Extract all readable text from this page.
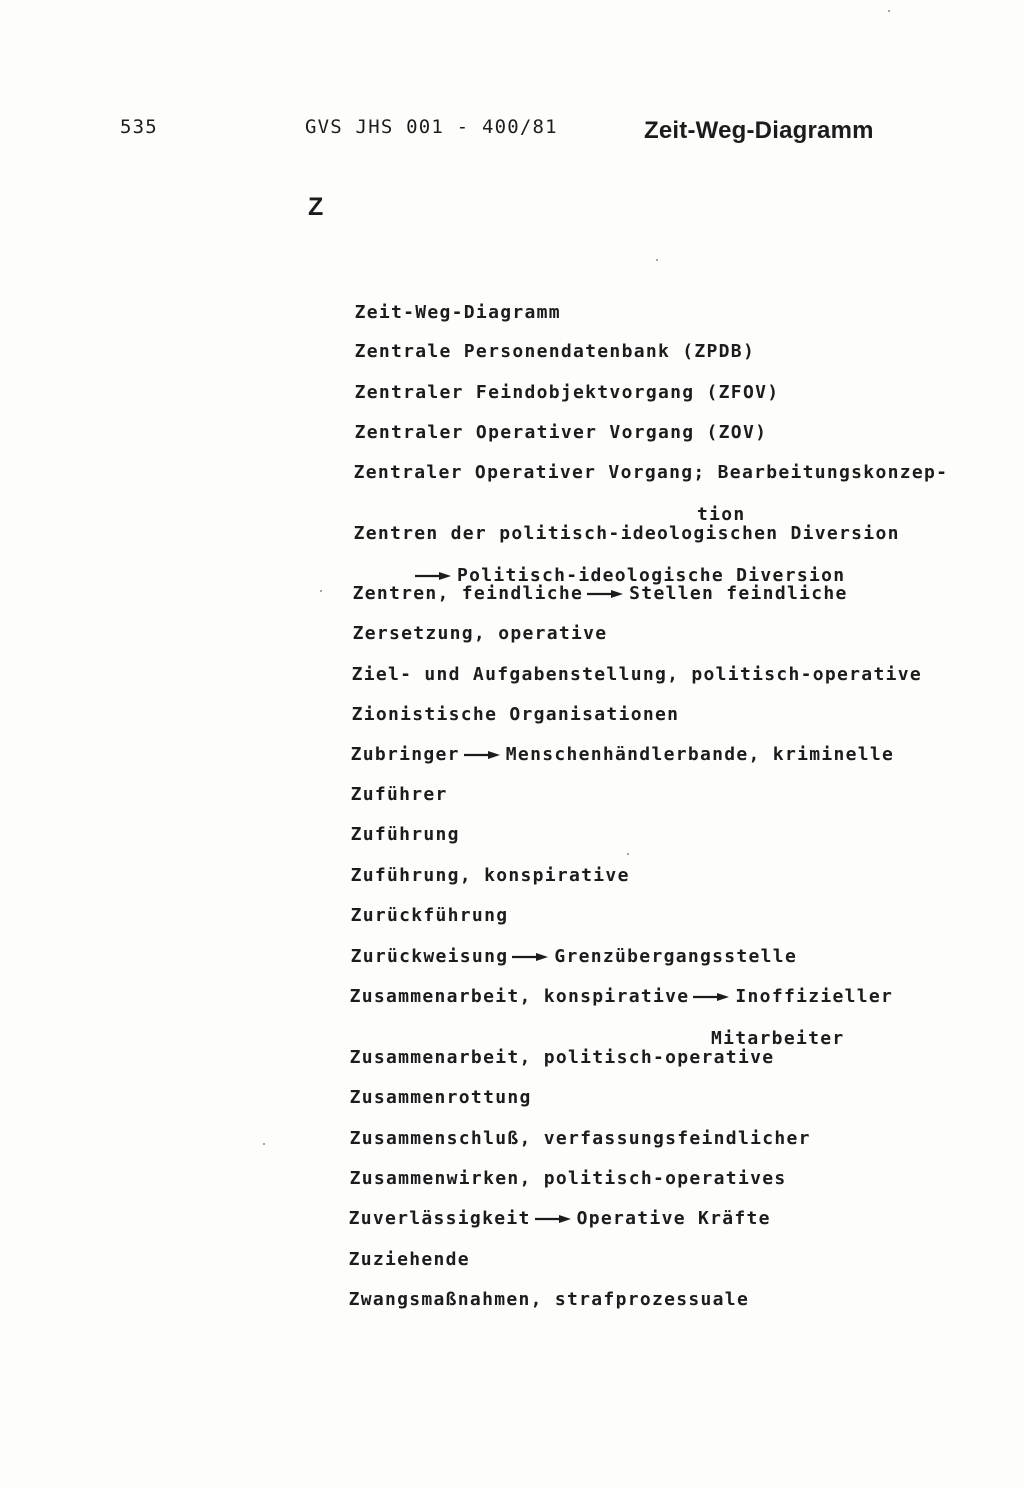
535	GVS JHS 001 - 400/81	Zeit-Weg-Diagramm
Z

Zeit-Weg-Diagramm

Zentrale Personendatenbank (ZPDB)

Zentraler Feindobjektvorgang (ZFOV)

Zentraler Operativer Vorgang (ZOV)

Zentraler Operativer Vorgang; Bearbeitungskonzep-

tion

Zentren der politisch-ideologischen Diversion

Politisch-ideologische Diversion

Zentren, feindliche	Stellen feindliche

Zersetzung, operative

Ziel- und Aufgabenstellung, politisch-operative

Zionistische Organisationen

Zubringer	Menschenhändlerbande, kriminelle

Zuführer

Zuführung

Zuführung, konspirative

Zurückführung

Zurückweisung	Grenzübergangsstelle

Zusammenarbeit, konspirative	Inoffizieller

Mitarbeiter

Zusammenarbeit, politisch-operative

Zusammenrottung

Zusammenschluß, verfassungsfeindlicher

Zusammenwirken, politisch-operatives

Zuverlässigkeit	Operative Kräfte

Zuziehende

Zwangsmaßnahmen, strafprozessuale
